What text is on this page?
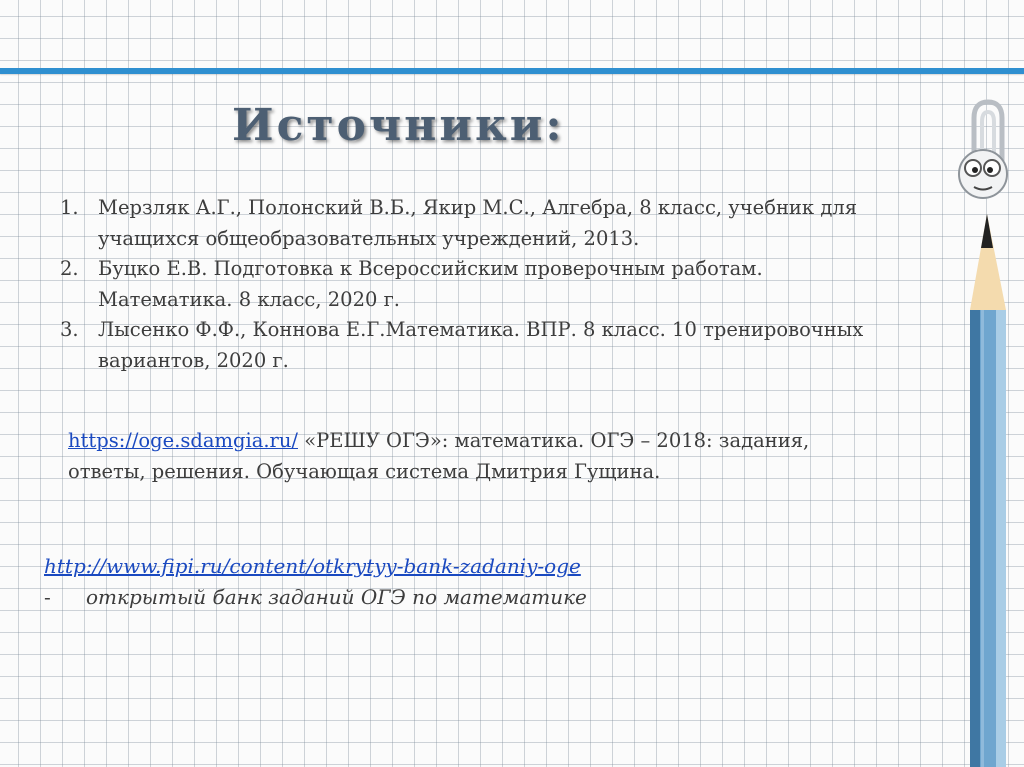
Источники:
1. Мерзляк А.Г., Полонский В.Б., Якир М.С., Алгебра, 8 класс, учебник для учащихся общеобразовательных учреждений, 2013.
2. Буцко Е.В. Подготовка к Всероссийским проверочным работам. Математика. 8 класс, 2020 г.
3. Лысенко Ф.Ф., Коннова Е.Г.Математика. ВПР. 8 класс. 10 тренировочных вариантов, 2020 г.
https://oge.sdamgia.ru/ «РЕШУ ОГЭ»: математика. ОГЭ – 2018: задания,
ответы, решения. Обучающая система Дмитрия Гущина.
http://www.fipi.ru/content/otkrytyy-bank-zadaniy-oge
- открытый банк заданий ОГЭ по математике
